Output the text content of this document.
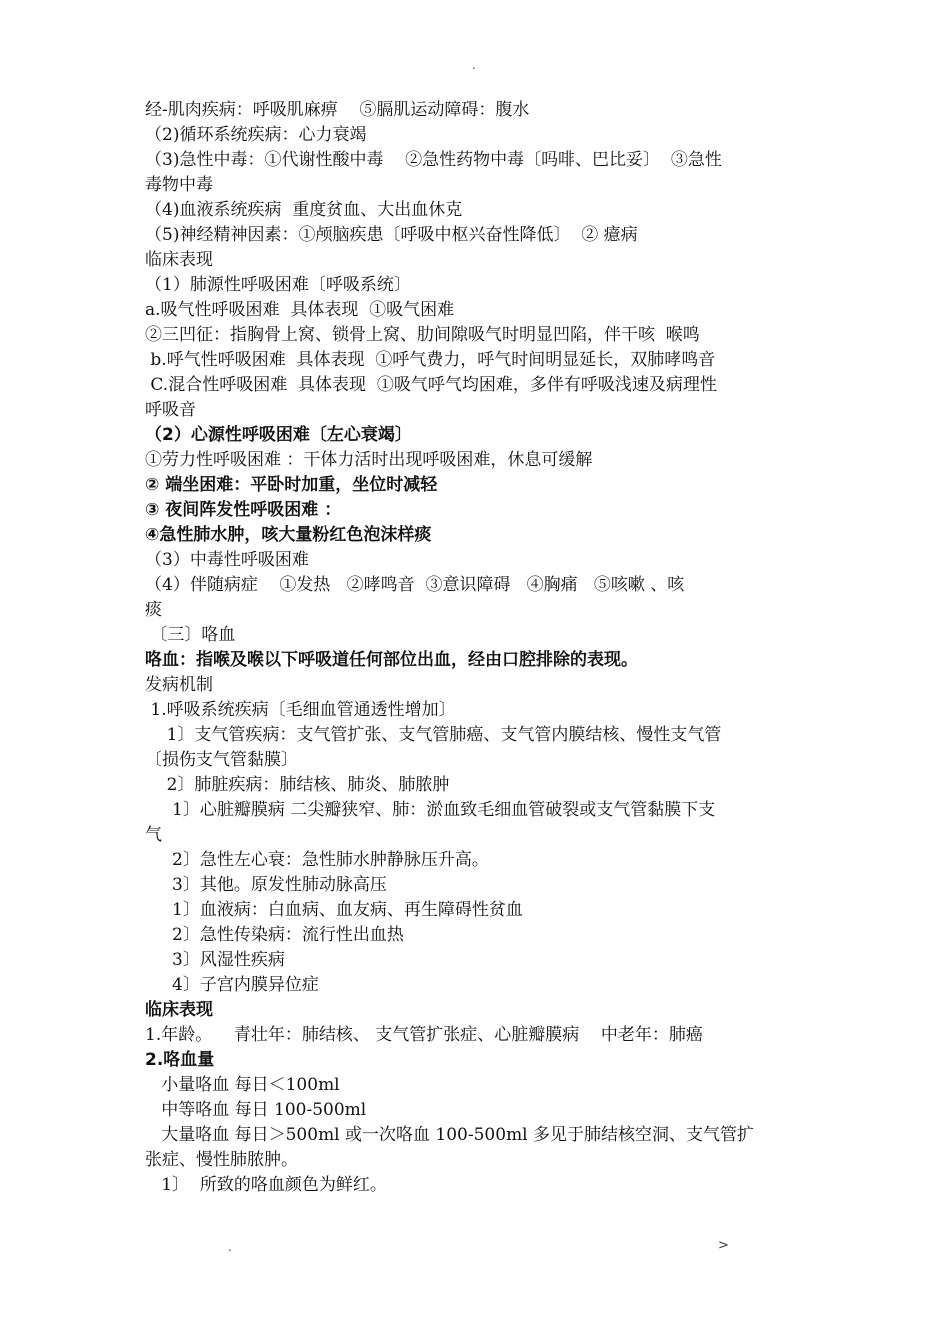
.
经-肌肉疾病：呼吸肌麻痹    ⑤膈肌运动障碍：腹水
（2)循环系统疾病：心力衰竭
（3)急性中毒：①代谢性酸中毒    ②急性药物中毒〔吗啡、巴比妥〕  ③急性
毒物中毒
（4)血液系统疾病  重度贫血、大出血休克
（5)神经精神因素：①颅脑疾患〔呼吸中枢兴奋性降低〕  ② 癔病
临床表现
（1）肺源性呼吸困难〔呼吸系统〕
a.吸气性呼吸困难  具体表现  ①吸气困难
②三凹征：指胸骨上窝、锁骨上窝、肋间隙吸气时明显凹陷，伴干咳  喉鸣
b.呼气性呼吸困难  具体表现  ①呼气费力，呼气时间明显延长，双肺哮鸣音
C.混合性呼吸困难  具体表现  ①吸气呼气均困难，多伴有呼吸浅速及病理性
呼吸音
（2）心源性呼吸困难〔左心衰竭〕
①劳力性呼吸困难 ：干体力活时出现呼吸困难，休息可缓解
② 端坐困难：平卧时加重，坐位时减轻
③ 夜间阵发性呼吸困难 ：
④急性肺水肿，咳大量粉红色泡沫样痰
（3）中毒性呼吸困难
（4）伴随病症    ①发热   ②哮鸣音  ③意识障碍   ④胸痛   ⑤咳嗽 、咳
痰
〔三〕咯血
咯血：指喉及喉以下呼吸道任何部位出血，经由口腔排除的表现。
发病机制
1.呼吸系统疾病〔毛细血管通透性增加〕
1〕支气管疾病：支气管扩张、支气管肺癌、支气管内膜结核、慢性支气管
〔损伤支气管黏膜〕
2〕肺脏疾病：肺结核、肺炎、肺脓肿
1〕心脏瓣膜病 二尖瓣狭窄、肺：淤血致毛细血管破裂或支气管黏膜下支
气
2〕急性左心衰：急性肺水肿静脉压升高。
3〕其他。原发性肺动脉高压
1〕血液病：白血病、血友病、再生障碍性贫血
2〕急性传染病：流行性出血热
3〕风湿性疾病
4〕子宫内膜异位症
临床表现
1.年龄。    青壮年：肺结核、 支气管扩张症、心脏瓣膜病    中老年：肺癌
2.咯血量
小量咯血 每日＜100ml
中等咯血 每日 100-500ml
大量咯血 每日＞500ml 或一次咯血 100-500ml 多见于肺结核空洞、支气管扩
张症、慢性肺脓肿。
1〕  所致的咯血颜色为鲜红。
.	>
